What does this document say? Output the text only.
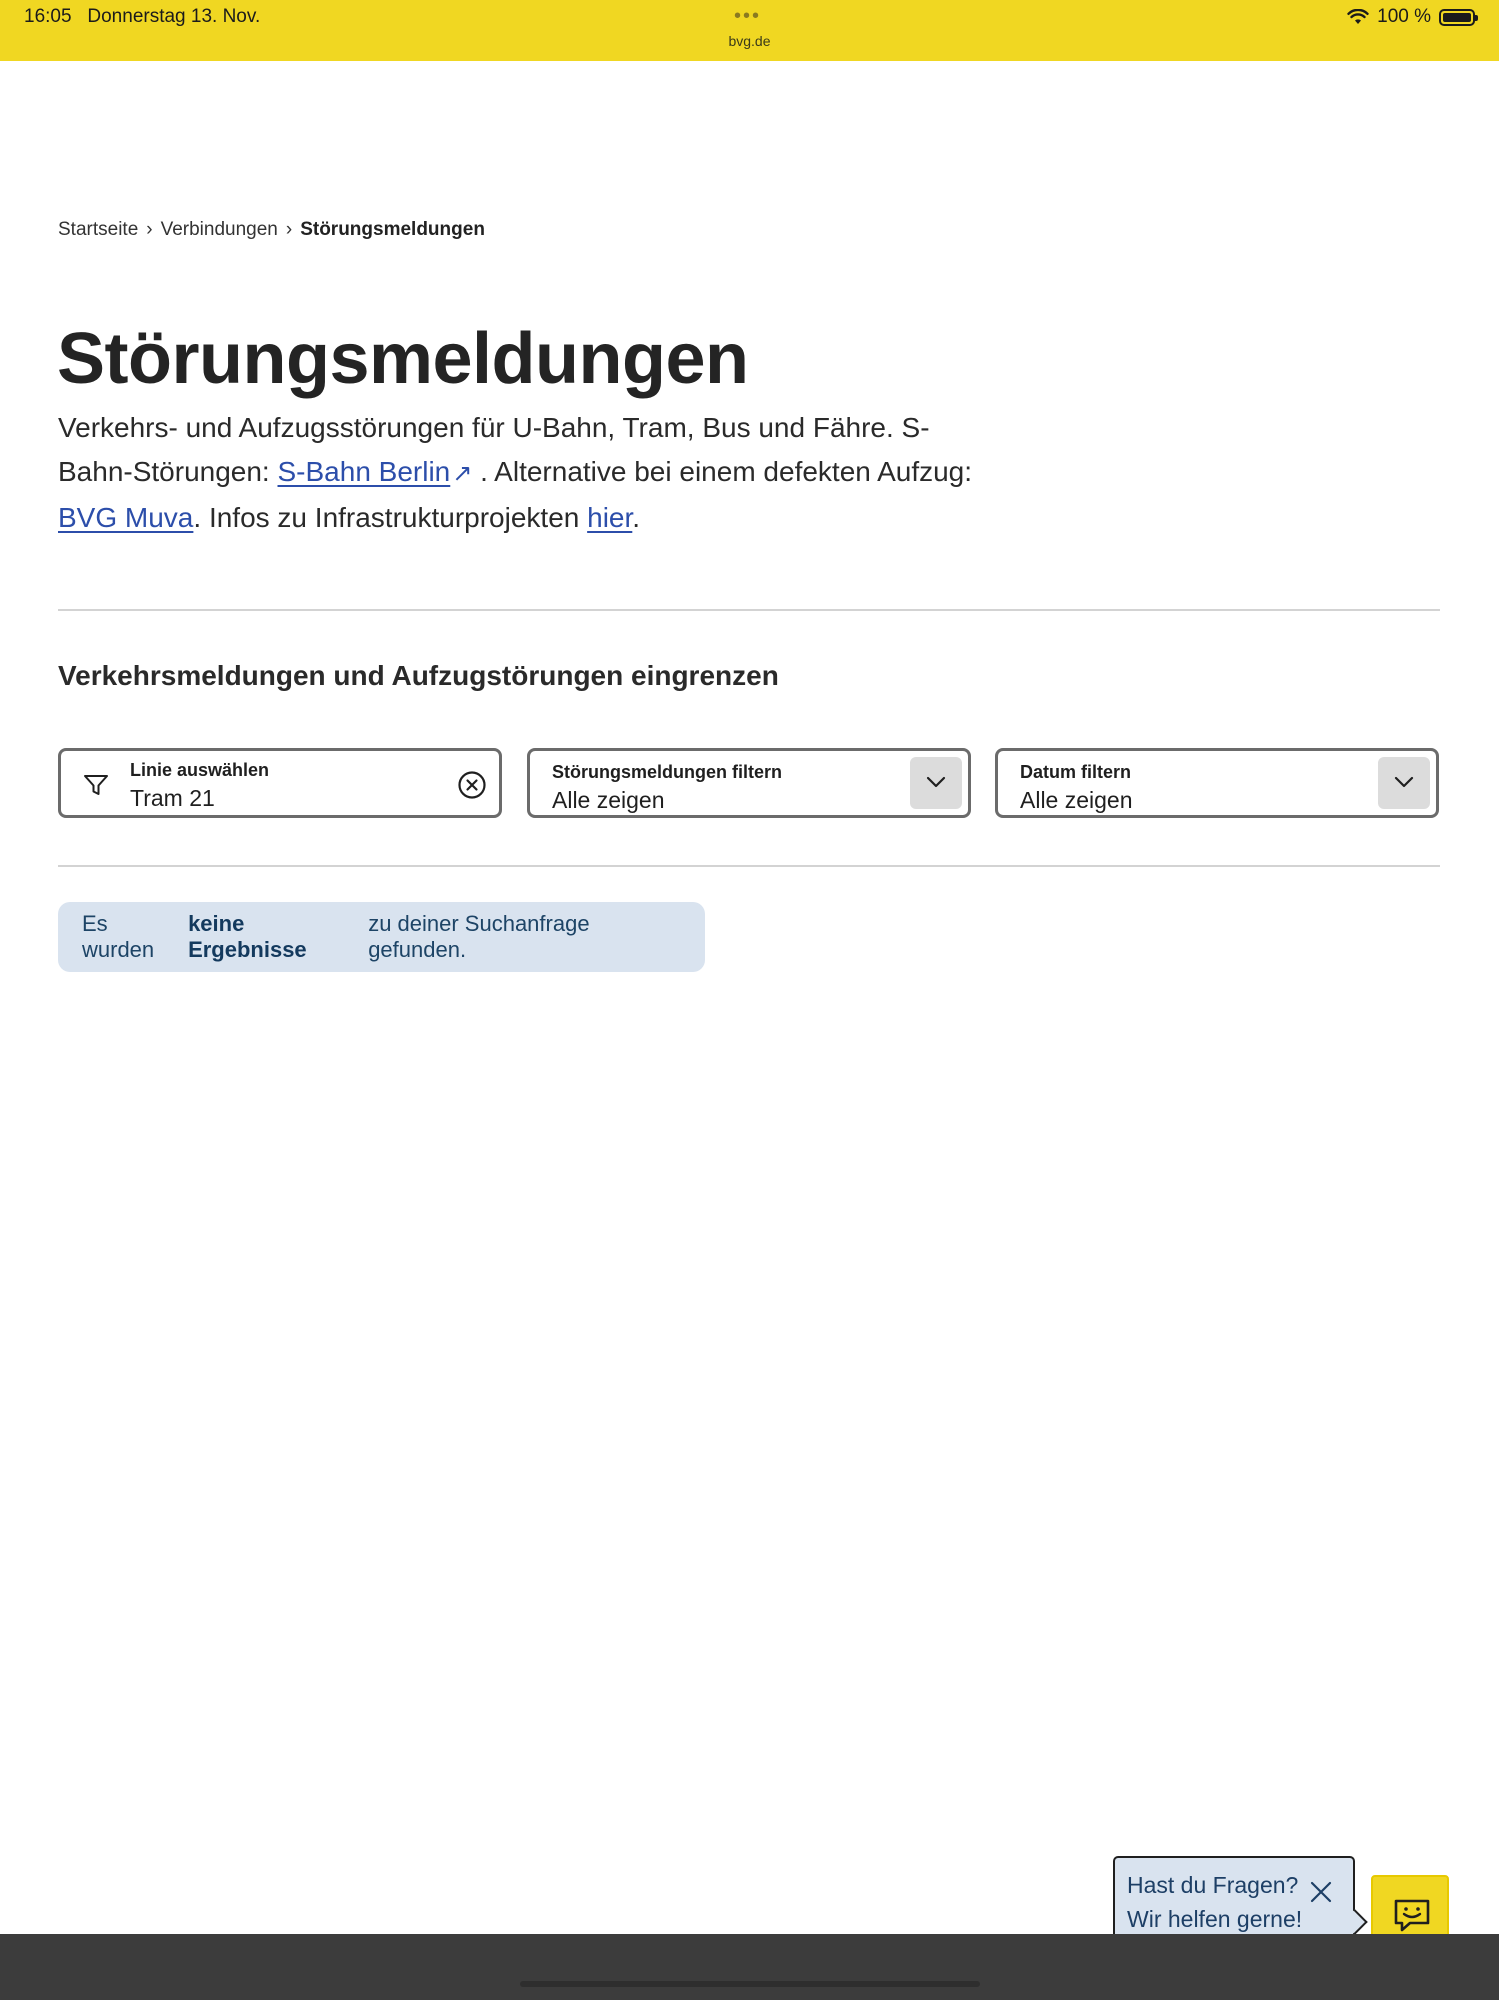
16:05 Donnerstag 13. Nov.	•••
bvg.de
100 %
Startseite › Verbindungen › Störungsmeldungen
Störungsmeldungen

Verkehrs- und Aufzugsstörungen für U-Bahn, Tram, Bus und Fähre. S-Bahn-Störungen: S-Bahn Berlin↗ . Alternative bei einem defekten Aufzug: BVG Muva. Infos zu Infrastrukturprojekten hier.

Verkehrsmeldungen und Aufzugstörungen eingrenzen
Linie auswählen
Tram 21
Störungsmeldungen filtern
Alle zeigen
Datum filtern
Alle zeigen
Es wurden

keine Ergebnisse

zu deiner Suchanfrage gefunden.
Hast du Fragen?
Wir helfen gerne!
